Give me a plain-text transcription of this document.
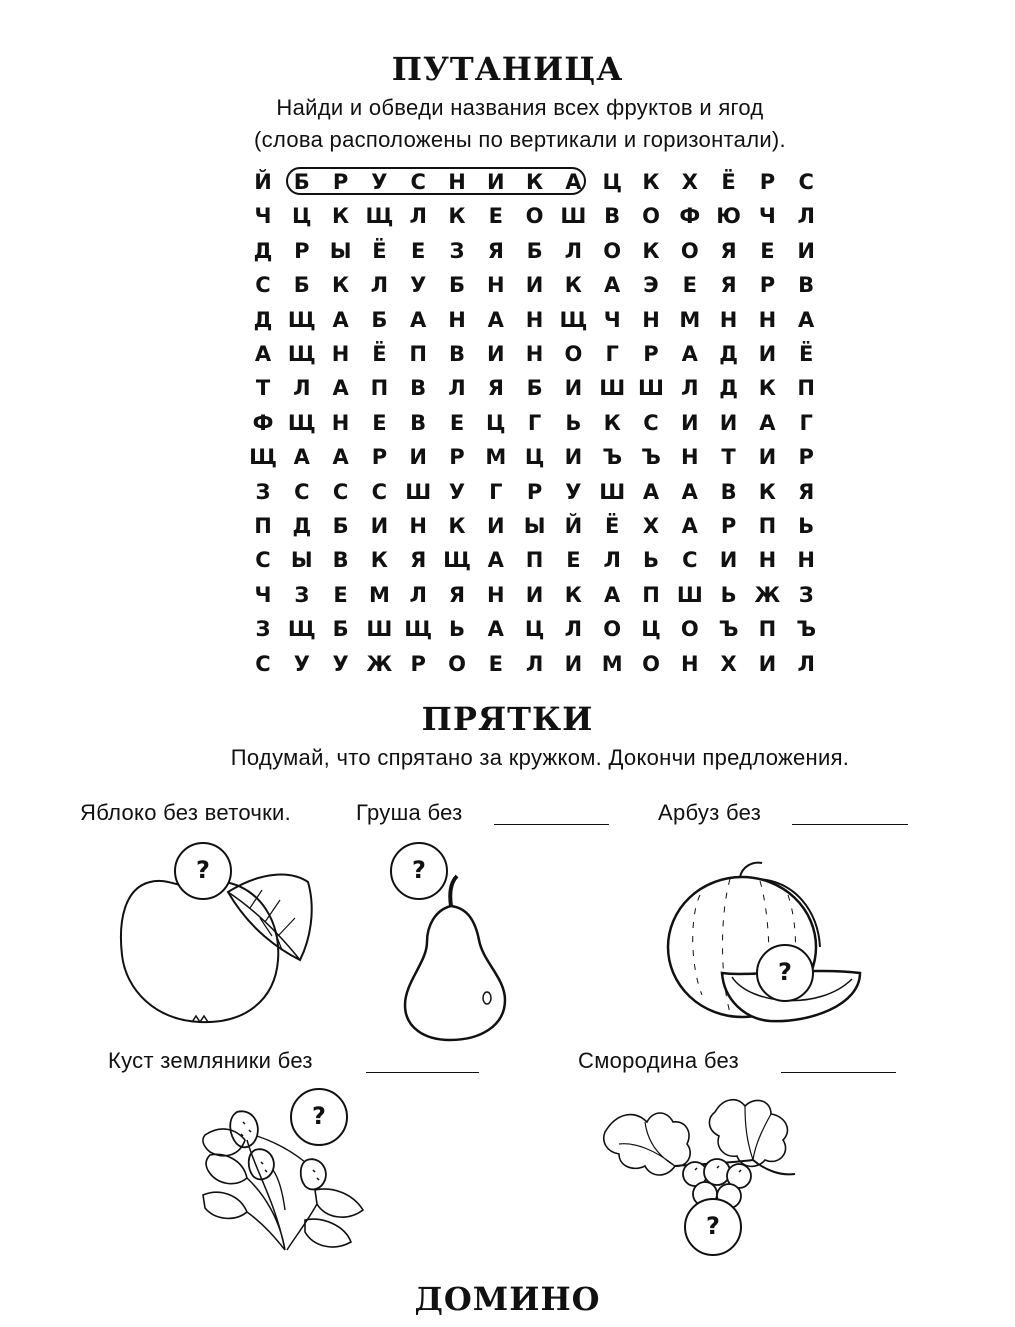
ПУТАНИЦА
Найди и обведи названия всех фруктов и ягод
(слова расположены по вертикали и горизонтали).
Й	Б	Р	У	С	Н	И	К	А Ц К	Х	Ё	Р	С
Ч Ц К Щ Л	К	Е	О Ш В	О Ф Ю Ч	Л
Д	Р Ы Ё	Е	З	Я	Б	Л	О	К	О	Я	Е	И
С	Б	К	Л	У	Б	Н	И	К	А	Э	Е	Я	Р	В
Д Щ А	Б	А	Н	А	Н Щ Ч	Н М Н	Н	А
А Щ Н	Ё	П	В	И	Н	О	Г	Р	А	Д И	Ё
Т	Л	А	П	В	Л	Я	Б	И Ш Ш Л Д К	П
Ф Щ Н	Е	В	Е	Ц	Г	Ь	К	С	И	И	А	Г
Щ А	А	Р	И	Р М Ц И Ъ Ъ Н	Т	И	Р
З	С	С	С Ш У	Г	Р	У Ш А	А	В	К	Я
П Д	Б	И	Н	К	И Ы Й	Ё	Х	А	Р	П	Ь
С Ы В	К	Я Щ А	П	Е	Л	Ь	С	И	Н	Н
Ч	З	Е	М Л	Я	Н	И	К	А	П Ш Ь Ж З
З Щ Б Ш Щ Ь	А Ц Л	О Ц О Ъ П Ъ
С	У	У Ж Р	О	Е	Л	И М О	Н	Х	И	Л
ПРЯТКИ
Подумай, что спрятано за кружком. Докончи предложения.
Яблоко без веточки.	Груша без	Арбуз без
Куст земляники без	Смородина без
?	?
?
?
?
ДОМИНО
